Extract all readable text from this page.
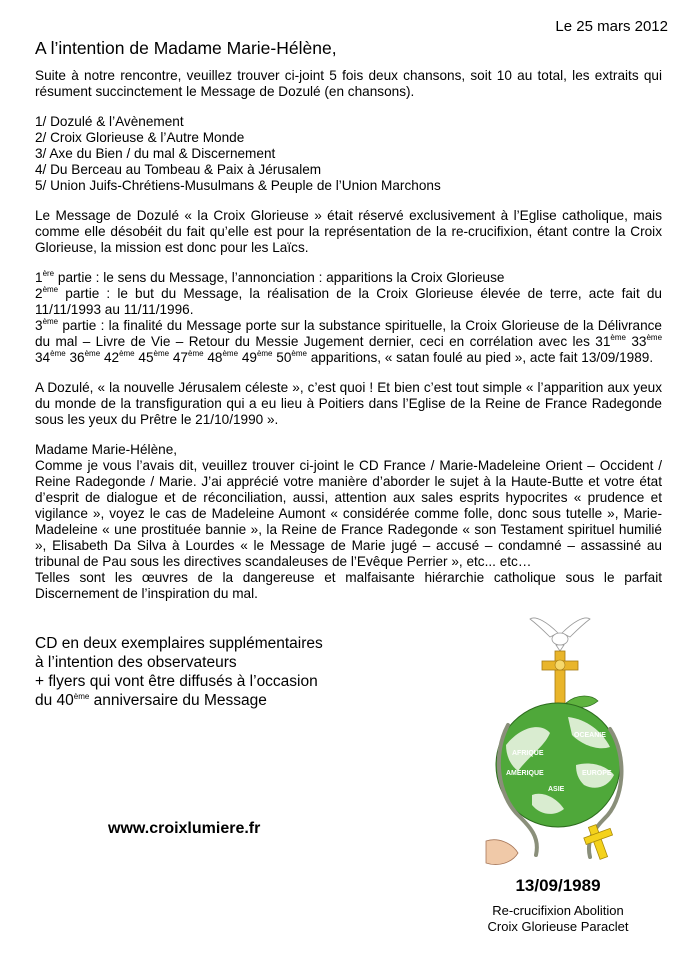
Le 25 mars 2012
A l’intention de Madame Marie-Hélène,

Suite à notre rencontre, veuillez trouver ci-joint 5 fois deux chansons, soit 10 au total, les extraits qui résument succinctement le Message de Dozulé (en chansons).

1/ Dozulé & l’Avènement
2/ Croix Glorieuse & l’Autre Monde
3/ Axe du Bien / du mal & Discernement
4/ Du Berceau au Tombeau & Paix à Jérusalem
5/ Union Juifs-Chrétiens-Musulmans & Peuple de l’Union Marchons

Le Message de Dozulé « la Croix Glorieuse » était réservé exclusivement à l’Eglise catholique, mais comme elle désobéit du fait qu’elle est pour la représentation de la re-crucifixion, étant contre la Croix Glorieuse, la mission est donc pour les Laïcs.

1ère partie : le sens du Message, l’annonciation : apparitions la Croix Glorieuse
2ème partie : le but du Message, la réalisation de la Croix Glorieuse élevée de terre, acte fait du 11/11/1993 au 11/11/1996.
3ème partie : la finalité du Message porte sur la substance spirituelle, la Croix Glorieuse de la Délivrance du mal – Livre de Vie – Retour du Messie Jugement dernier, ceci en corrélation avec les 31ème 33ème 34ème 36ème 42ème 45ème 47ème 48ème 49ème 50ème apparitions, « satan foulé au pied », acte fait 13/09/1989.

A Dozulé, « la nouvelle Jérusalem céleste », c’est quoi ! Et bien c’est tout simple « l’apparition aux yeux du monde de la transfiguration qui a eu lieu à Poitiers dans l’Eglise de la Reine de France Radegonde sous les yeux du Prêtre le 21/10/1990 ».

Madame Marie-Hélène,
Comme je vous l’avais dit, veuillez trouver ci-joint le CD France / Marie-Madeleine Orient – Occident / Reine Radegonde / Marie. J’ai apprécié votre manière d’aborder le sujet à la Haute-Butte et votre état d’esprit de dialogue et de réconciliation, aussi, attention aux sales esprits hypocrites « prudence et vigilance », voyez le cas de Madeleine Aumont « considérée comme folle, donc sous tutelle », Marie-Madeleine « une prostituée bannie », la Reine de France Radegonde « son Testament spirituel humilié », Elisabeth Da Silva à Lourdes « le Message de Marie jugé – accusé – condamné – assassiné au tribunal de Pau sous les directives scandaleuses de l’Evêque Perrier », etc... etc…
Telles sont les œuvres de la dangereuse et malfaisante hiérarchie catholique sous le parfait Discernement de l’inspiration du mal.

CD en deux exemplaires supplémentaires
à l’intention des observateurs
+ flyers qui vont être diffusés à l’occasion
du 40ème anniversaire du Message
www.croixlumiere.fr
AFRIQUE
OCEANIE
AMERIQUE	EUROPE
ASIE
13/09/1989
Re-crucifixion Abolition
Croix Glorieuse Paraclet
